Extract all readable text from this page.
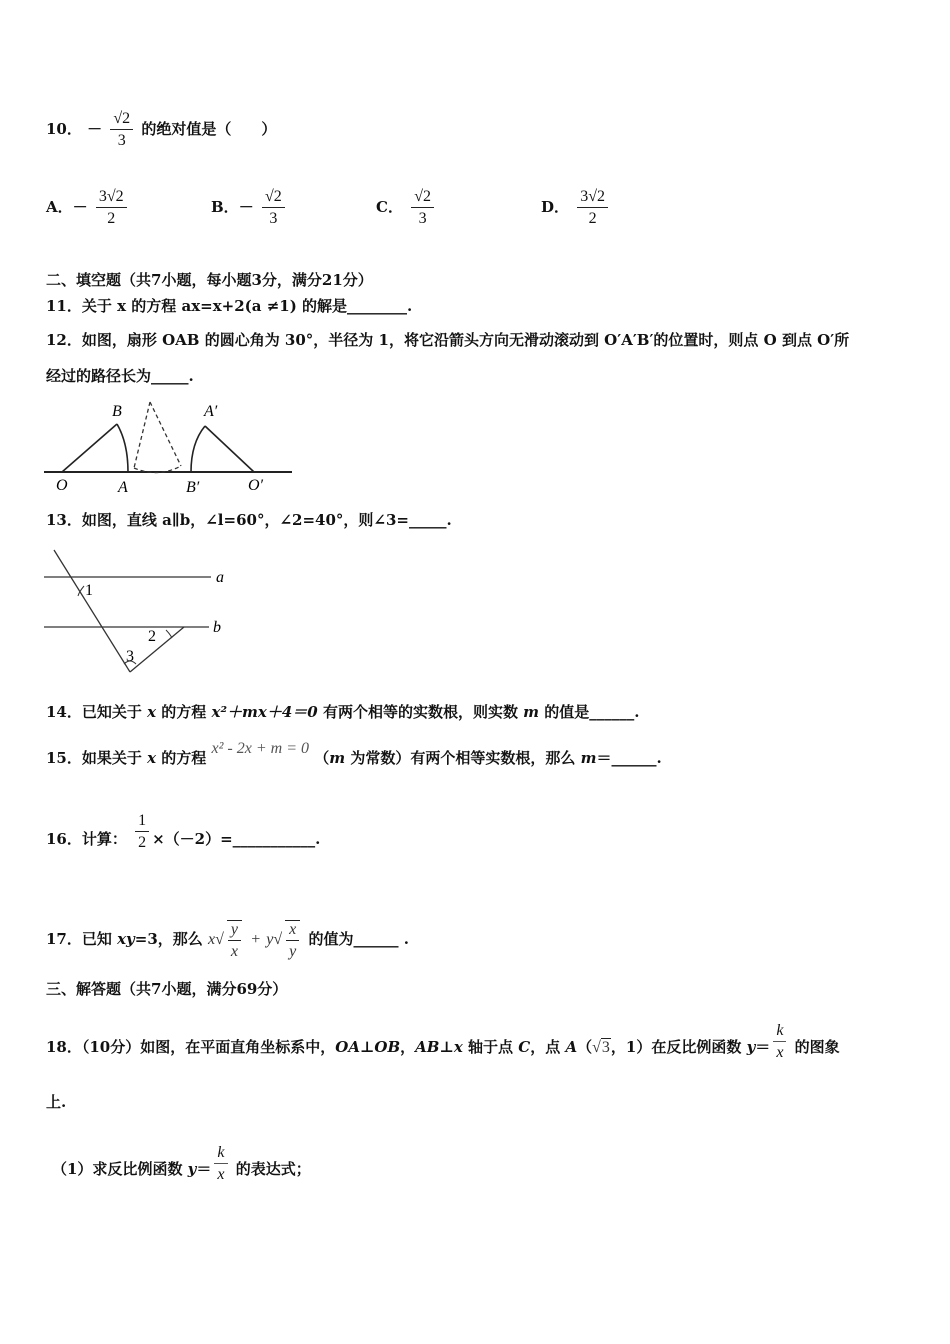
10． － $\frac{√2}{3}$ 的绝对值是（　　）
A．－ $\frac{3√2}{2}$	B．－ $\frac{√2}{3}$	C． $\frac{√2}{3}$	D． $\frac{3√2}{2}$
二、填空题（共7小题，每小题3分，满分21分）
11．关于 x 的方程 ax=x+2(a ≠1) 的解是________.
12．如图，扇形 OAB 的圆心角为 30°，半径为 1，将它沿箭头方向无滑动滚动到 O′A′B′的位置时，则点 O 到点 O′所
经过的路径长为_____.
B	A′
O	A	B′	O′
13．如图，直线 a∥b，∠l=60°，∠2=40°，则∠3=_____.
a
b
1
2
3
14．已知关于 x 的方程 x²＋mx＋4＝0 有两个相等的实数根，则实数 m 的值是______.
15．如果关于 x 的方程 x² - 2x + m = 0 （m 为常数）有两个相等实数根，那么 m＝______.
16．计算： $\frac{1}{2}$ ×（－2）=___________.
17．已知 xy=3，那么 $x√ \frac{y}{x} + y√ \frac{x}{y}$ 的值为______ .
三、解答题（共7小题，满分69分）
18．（10分）如图，在平面直角坐标系中，OA⊥OB，AB⊥x 轴于点 C，点 A（√3，1）在反比例函数 $y= \frac{k}{x}$ 的图象
上.
（1）求反比例函数 $y= \frac{k}{x}$ 的表达式；
